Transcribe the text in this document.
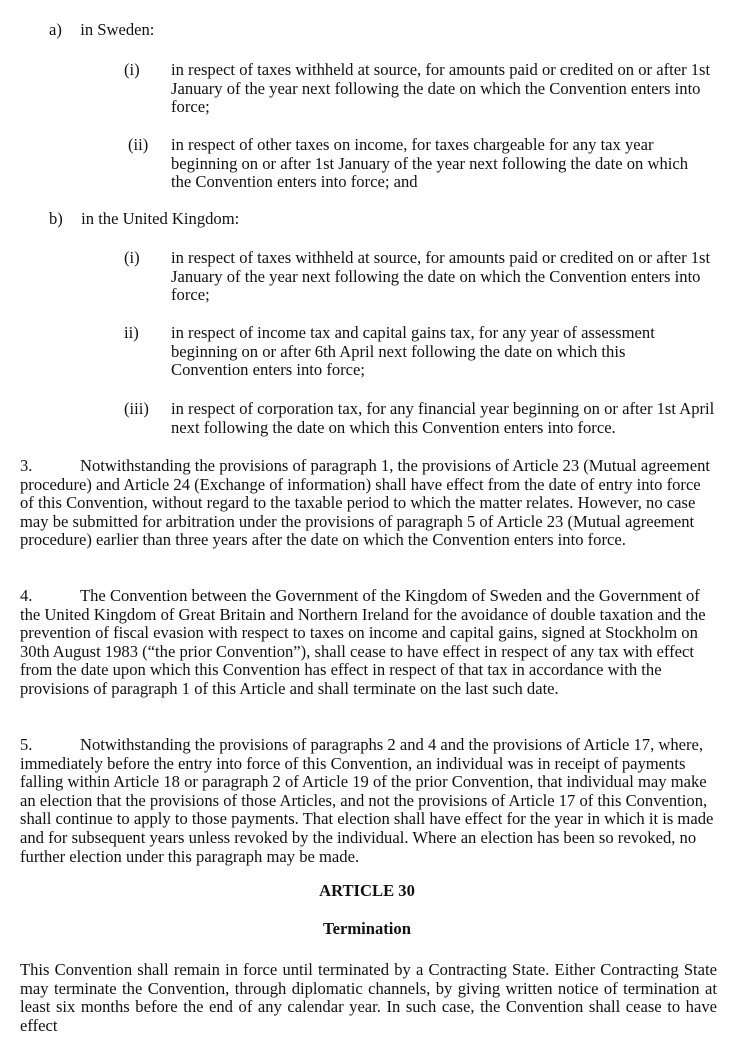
a) in Sweden:
(i) in respect of taxes withheld at source, for amounts paid or credited on or after 1st January of the year next following the date on which the Convention enters into force;
(ii) in respect of other taxes on income, for taxes chargeable for any tax year beginning on or after 1st January of the year next following the date on which the Convention enters into force; and
b) in the United Kingdom:
(i) in respect of taxes withheld at source, for amounts paid or credited on or after 1st January of the year next following the date on which the Convention enters into force;
ii) in respect of income tax and capital gains tax, for any year of assessment beginning on or after 6th April next following the date on which this Convention enters into force;
(iii) in respect of corporation tax, for any financial year beginning on or after 1st April next following the date on which this Convention enters into force.
3.	Notwithstanding the provisions of paragraph 1, the provisions of Article 23 (Mutual agreement procedure) and Article 24 (Exchange of information) shall have effect from the date of entry into force of this Convention, without regard to the taxable period to which the matter relates. However, no case may be submitted for arbitration under the provisions of paragraph 5 of Article 23 (Mutual agreement procedure) earlier than three years after the date on which the Convention enters into force.
4.	The Convention between the Government of the Kingdom of Sweden and the Government of the United Kingdom of Great Britain and Northern Ireland for the avoidance of double taxation and the prevention of fiscal evasion with respect to taxes on income and capital gains, signed at Stockholm on 30th August 1983 (“the prior Convention”), shall cease to have effect in respect of any tax with effect from the date upon which this Convention has effect in respect of that tax in accordance with the provisions of paragraph 1 of this Article and shall terminate on the last such date.
5.	Notwithstanding the provisions of paragraphs 2 and 4 and the provisions of Article 17, where, immediately before the entry into force of this Convention, an individual was in receipt of payments falling within Article 18 or paragraph 2 of Article 19 of the prior Convention, that individual may make an election that the provisions of those Articles, and not the provisions of Article 17 of this Convention, shall continue to apply to those payments. That election shall have effect for the year in which it is made and for subsequent years unless revoked by the individual. Where an election has been so revoked, no further election under this paragraph may be made.
ARTICLE 30
Termination
This Convention shall remain in force until terminated by a Contracting State. Either Contracting State may terminate the Convention, through diplomatic channels, by giving written notice of termination at least six months before the end of any calendar year. In such case, the Convention shall cease to have effect
